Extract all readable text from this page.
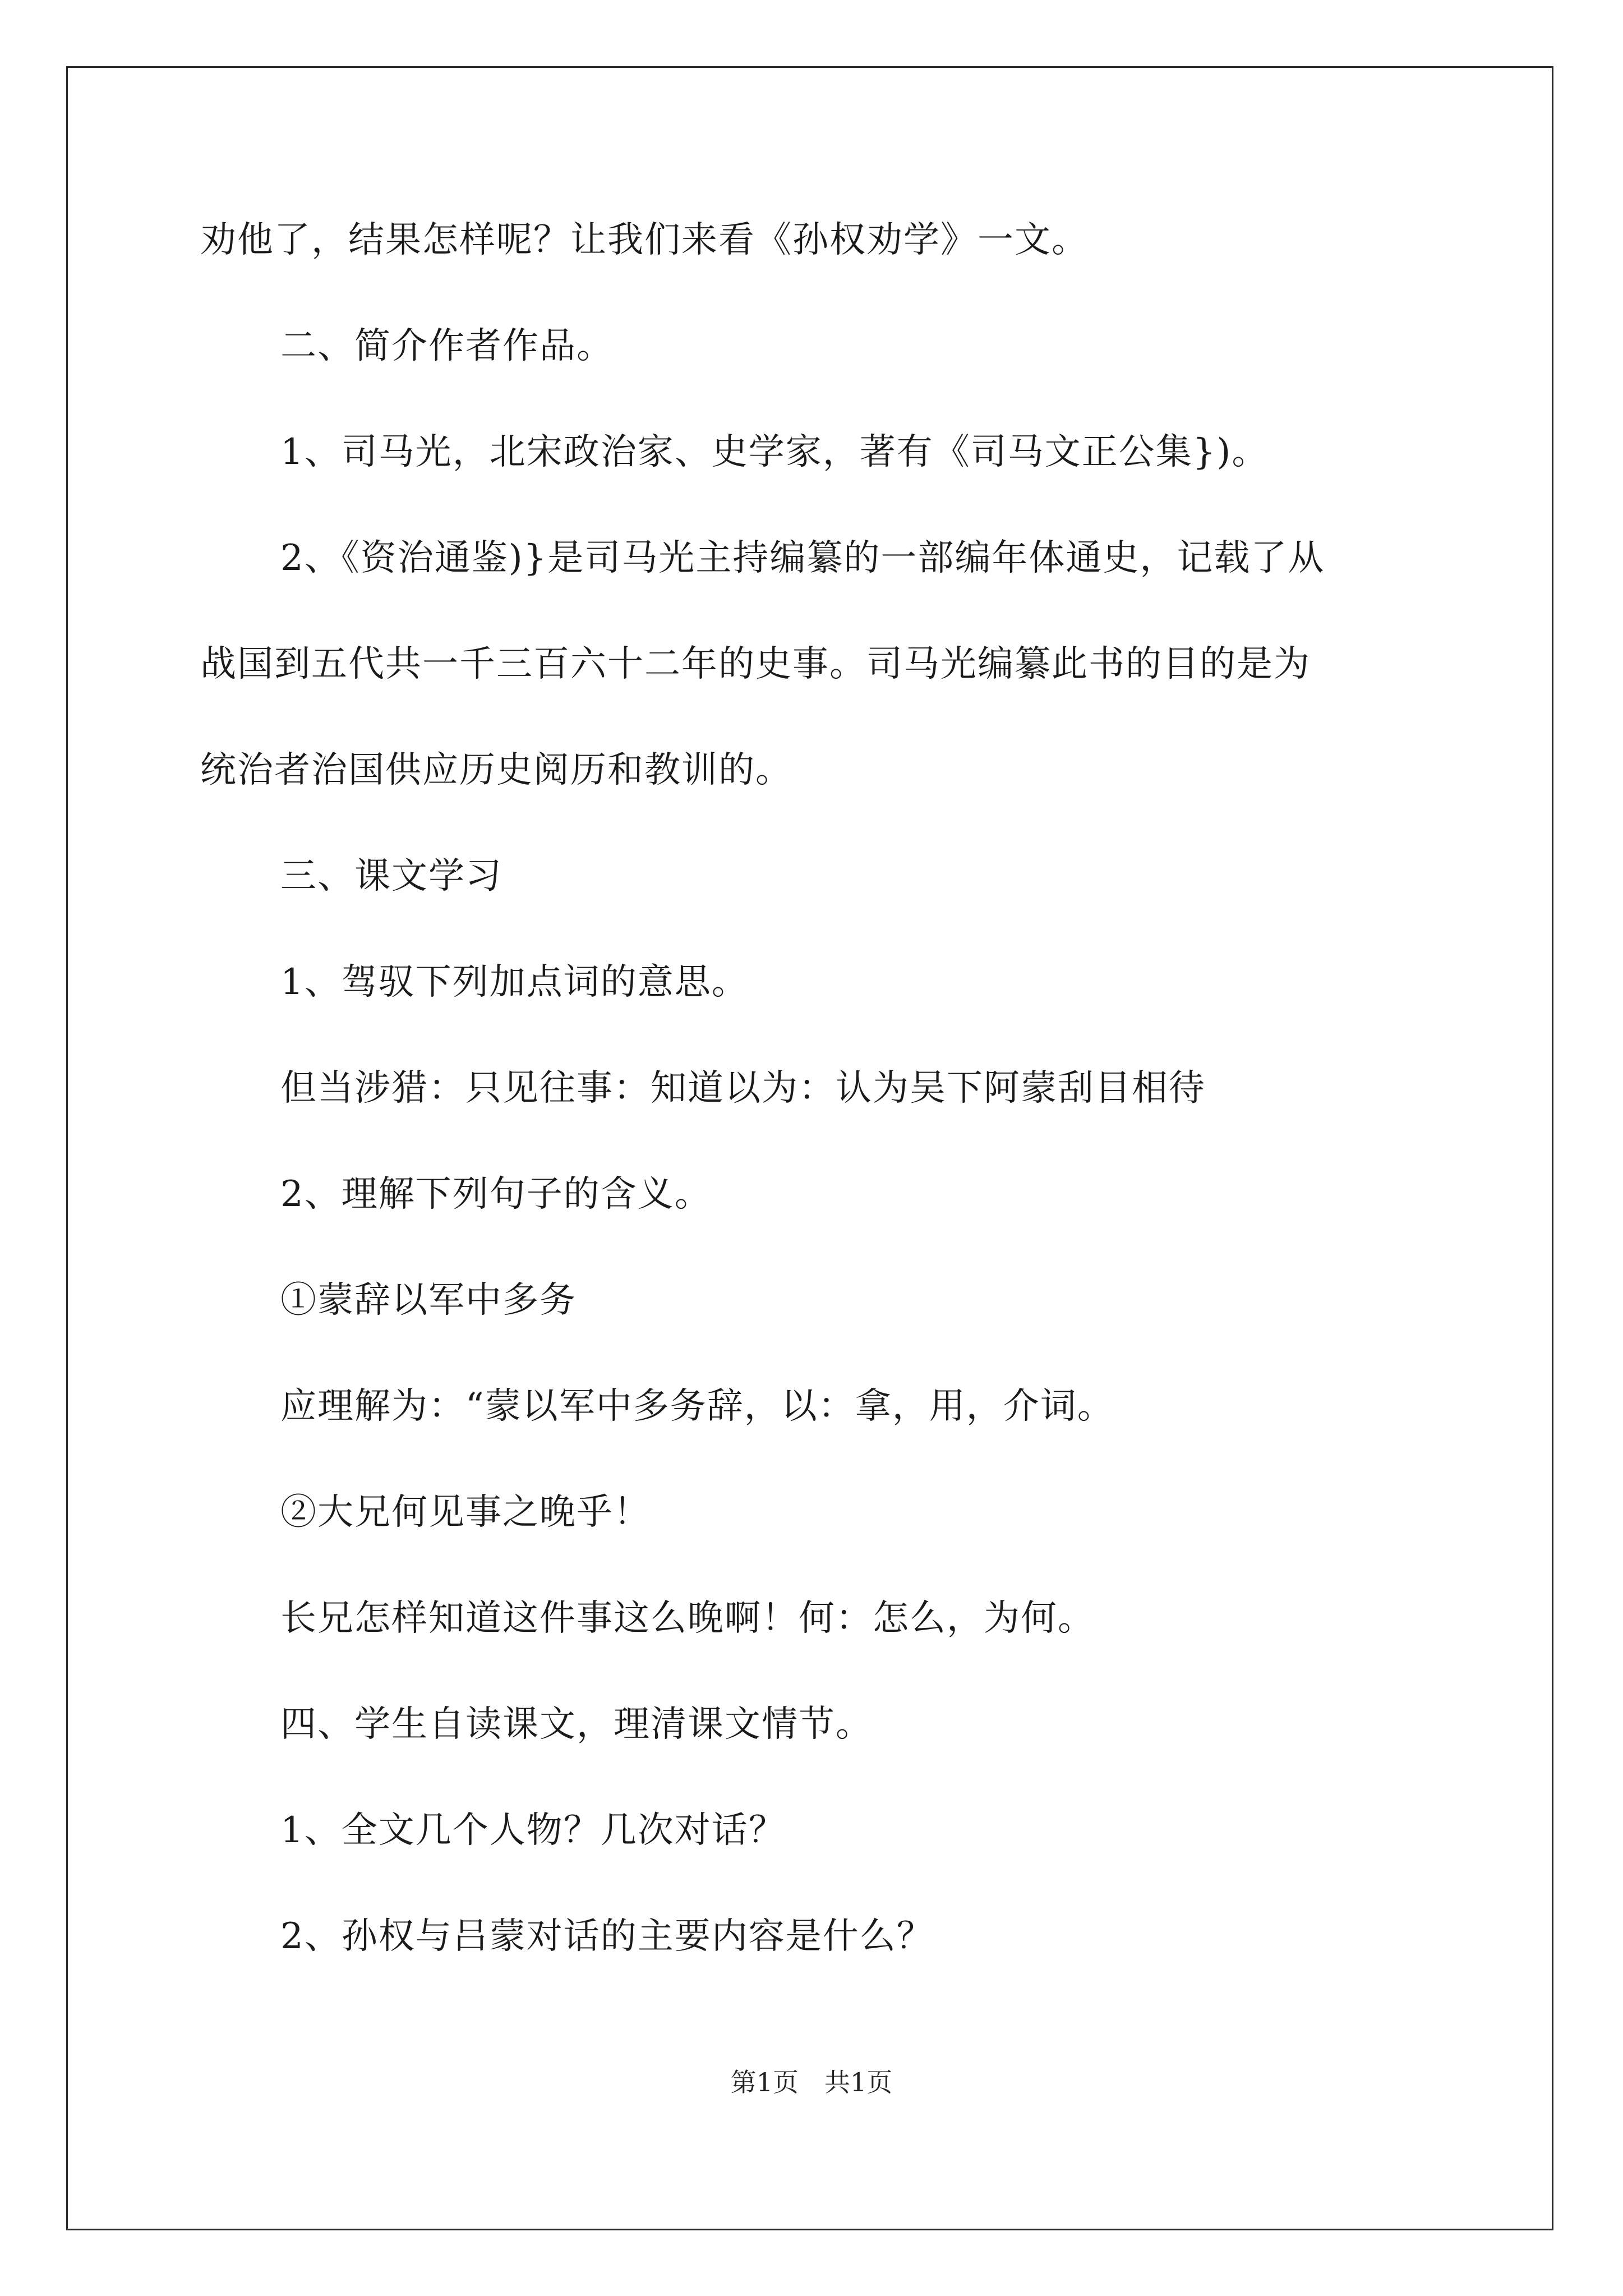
劝他了，结果怎样呢？让我们来看《孙权劝学》一文。

二、简介作者作品。

1、司马光，北宋政治家、史学家，著有《司马文正公集})。

2、《资治通鉴)}是司马光主持编纂的一部编年体通史，记载了从

战国到五代共一千三百六十二年的史事。司马光编纂此书的目的是为

统治者治国供应历史阅历和教训的。

三、课文学习

1、驾驭下列加点词的意思。

但当涉猎：只见往事：知道以为：认为吴下阿蒙刮目相待

2、理解下列句子的含义。

①蒙辞以军中多务

应理解为：“蒙以军中多务辞，以：拿，用，介词。

②大兄何见事之晚乎！

长兄怎样知道这件事这么晚啊！何：怎么，为何。

四、学生自读课文，理清课文情节。

1、全文几个人物？几次对话？

2、孙权与吕蒙对话的主要内容是什么？

第1页　共1页
